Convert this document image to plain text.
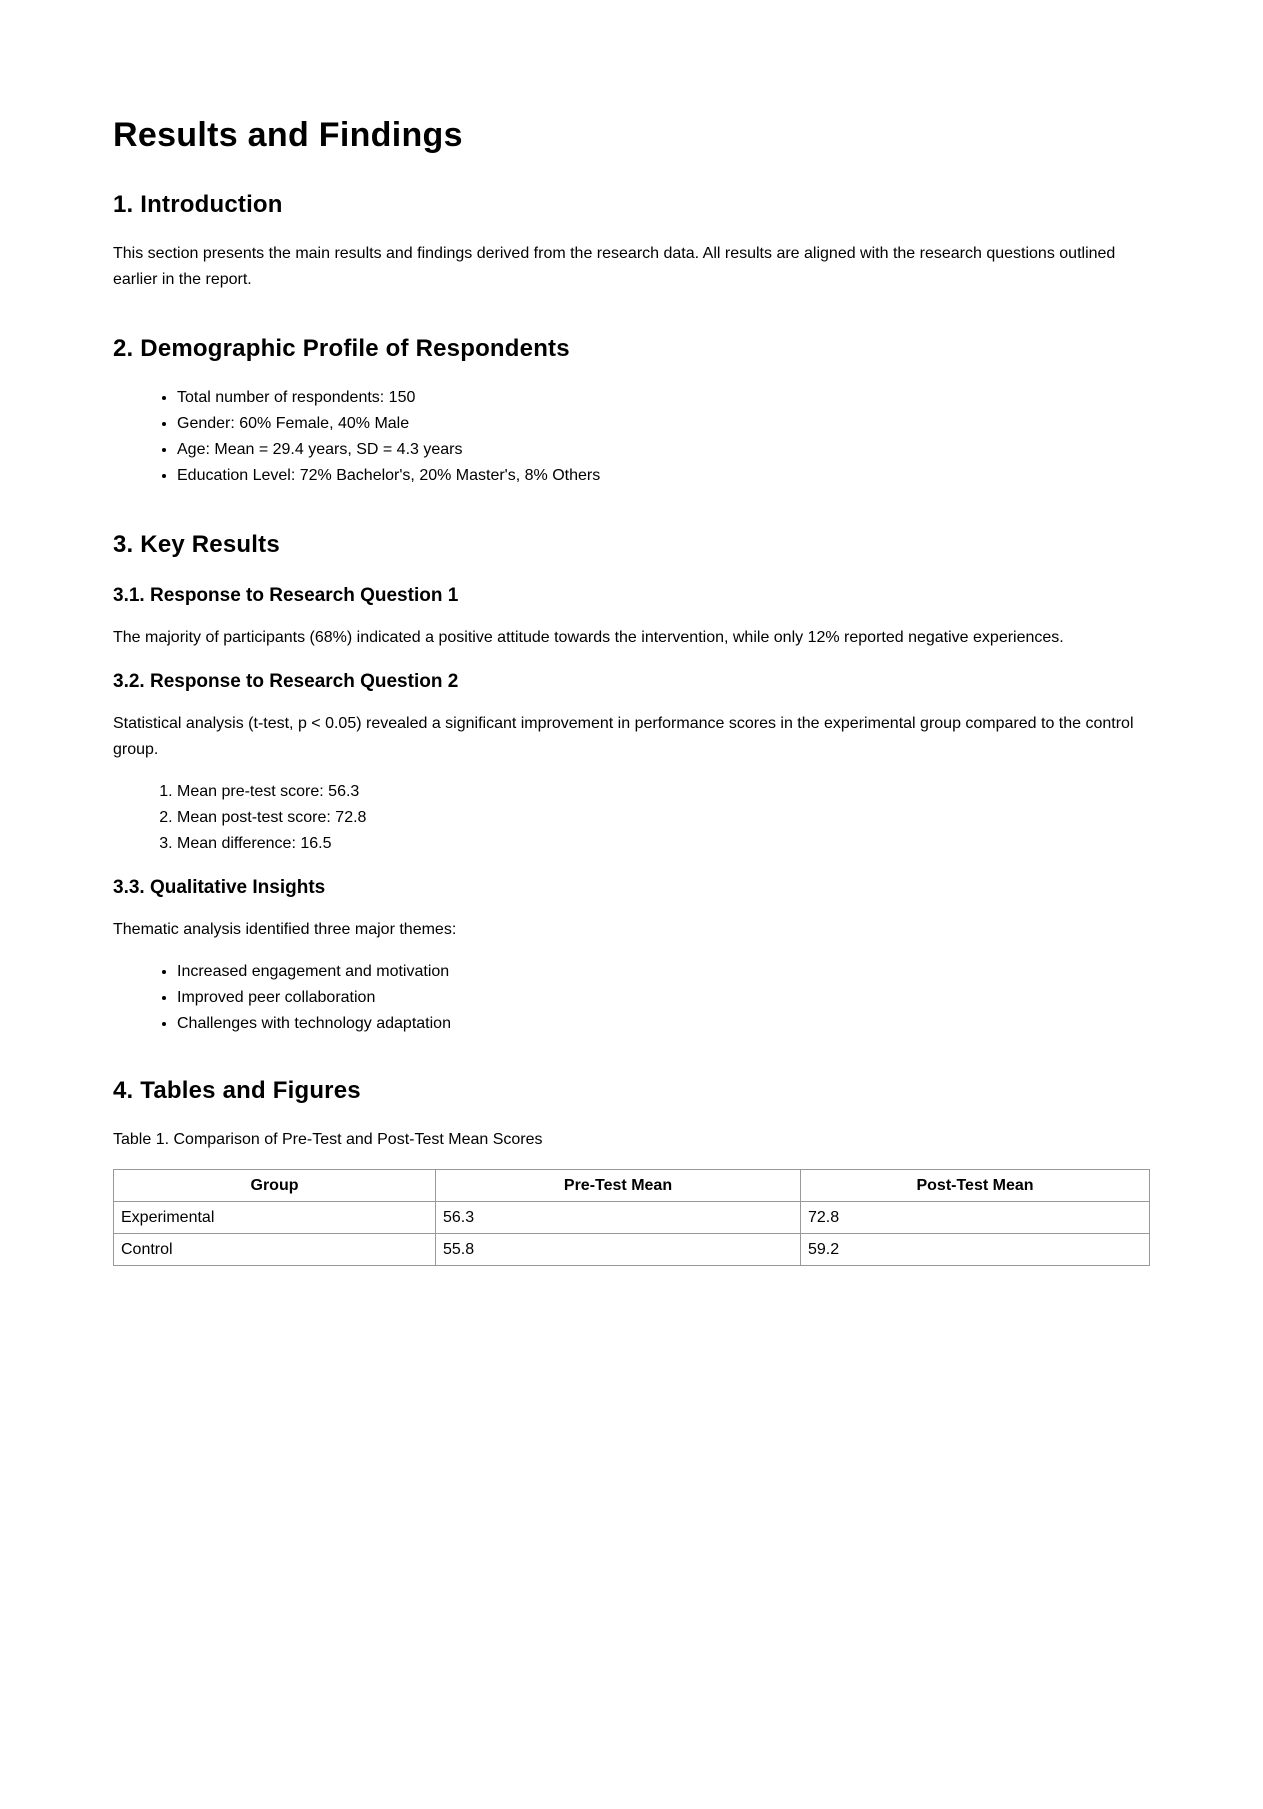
Results and Findings
1. Introduction

This section presents the main results and findings derived from the research data. All results are aligned with the research questions outlined earlier in the report.

2. Demographic Profile of Respondents
• Total number of respondents: 150
• Gender: 60% Female, 40% Male
• Age: Mean = 29.4 years, SD = 4.3 years
• Education Level: 72% Bachelor's, 20% Master's, 8% Others
3. Key Results
3.1. Response to Research Question 1

The majority of participants (68%) indicated a positive attitude towards the intervention, while only 12% reported negative experiences.

3.2. Response to Research Question 2

Statistical analysis (t-test, p < 0.05) revealed a significant improvement in performance scores in the experimental group compared to the control group.

1. Mean pre-test score: 56.3
2. Mean post-test score: 72.8
3. Mean difference: 16.5
3.3. Qualitative Insights

Thematic analysis identified three major themes:

• Increased engagement and motivation
• Improved peer collaboration
• Challenges with technology adaptation
4. Tables and Figures

Table 1. Comparison of Pre-Test and Post-Test Mean Scores

Group	Pre-Test Mean	Post-Test Mean
Experimental	56.3	72.8
Control	55.8	59.2
